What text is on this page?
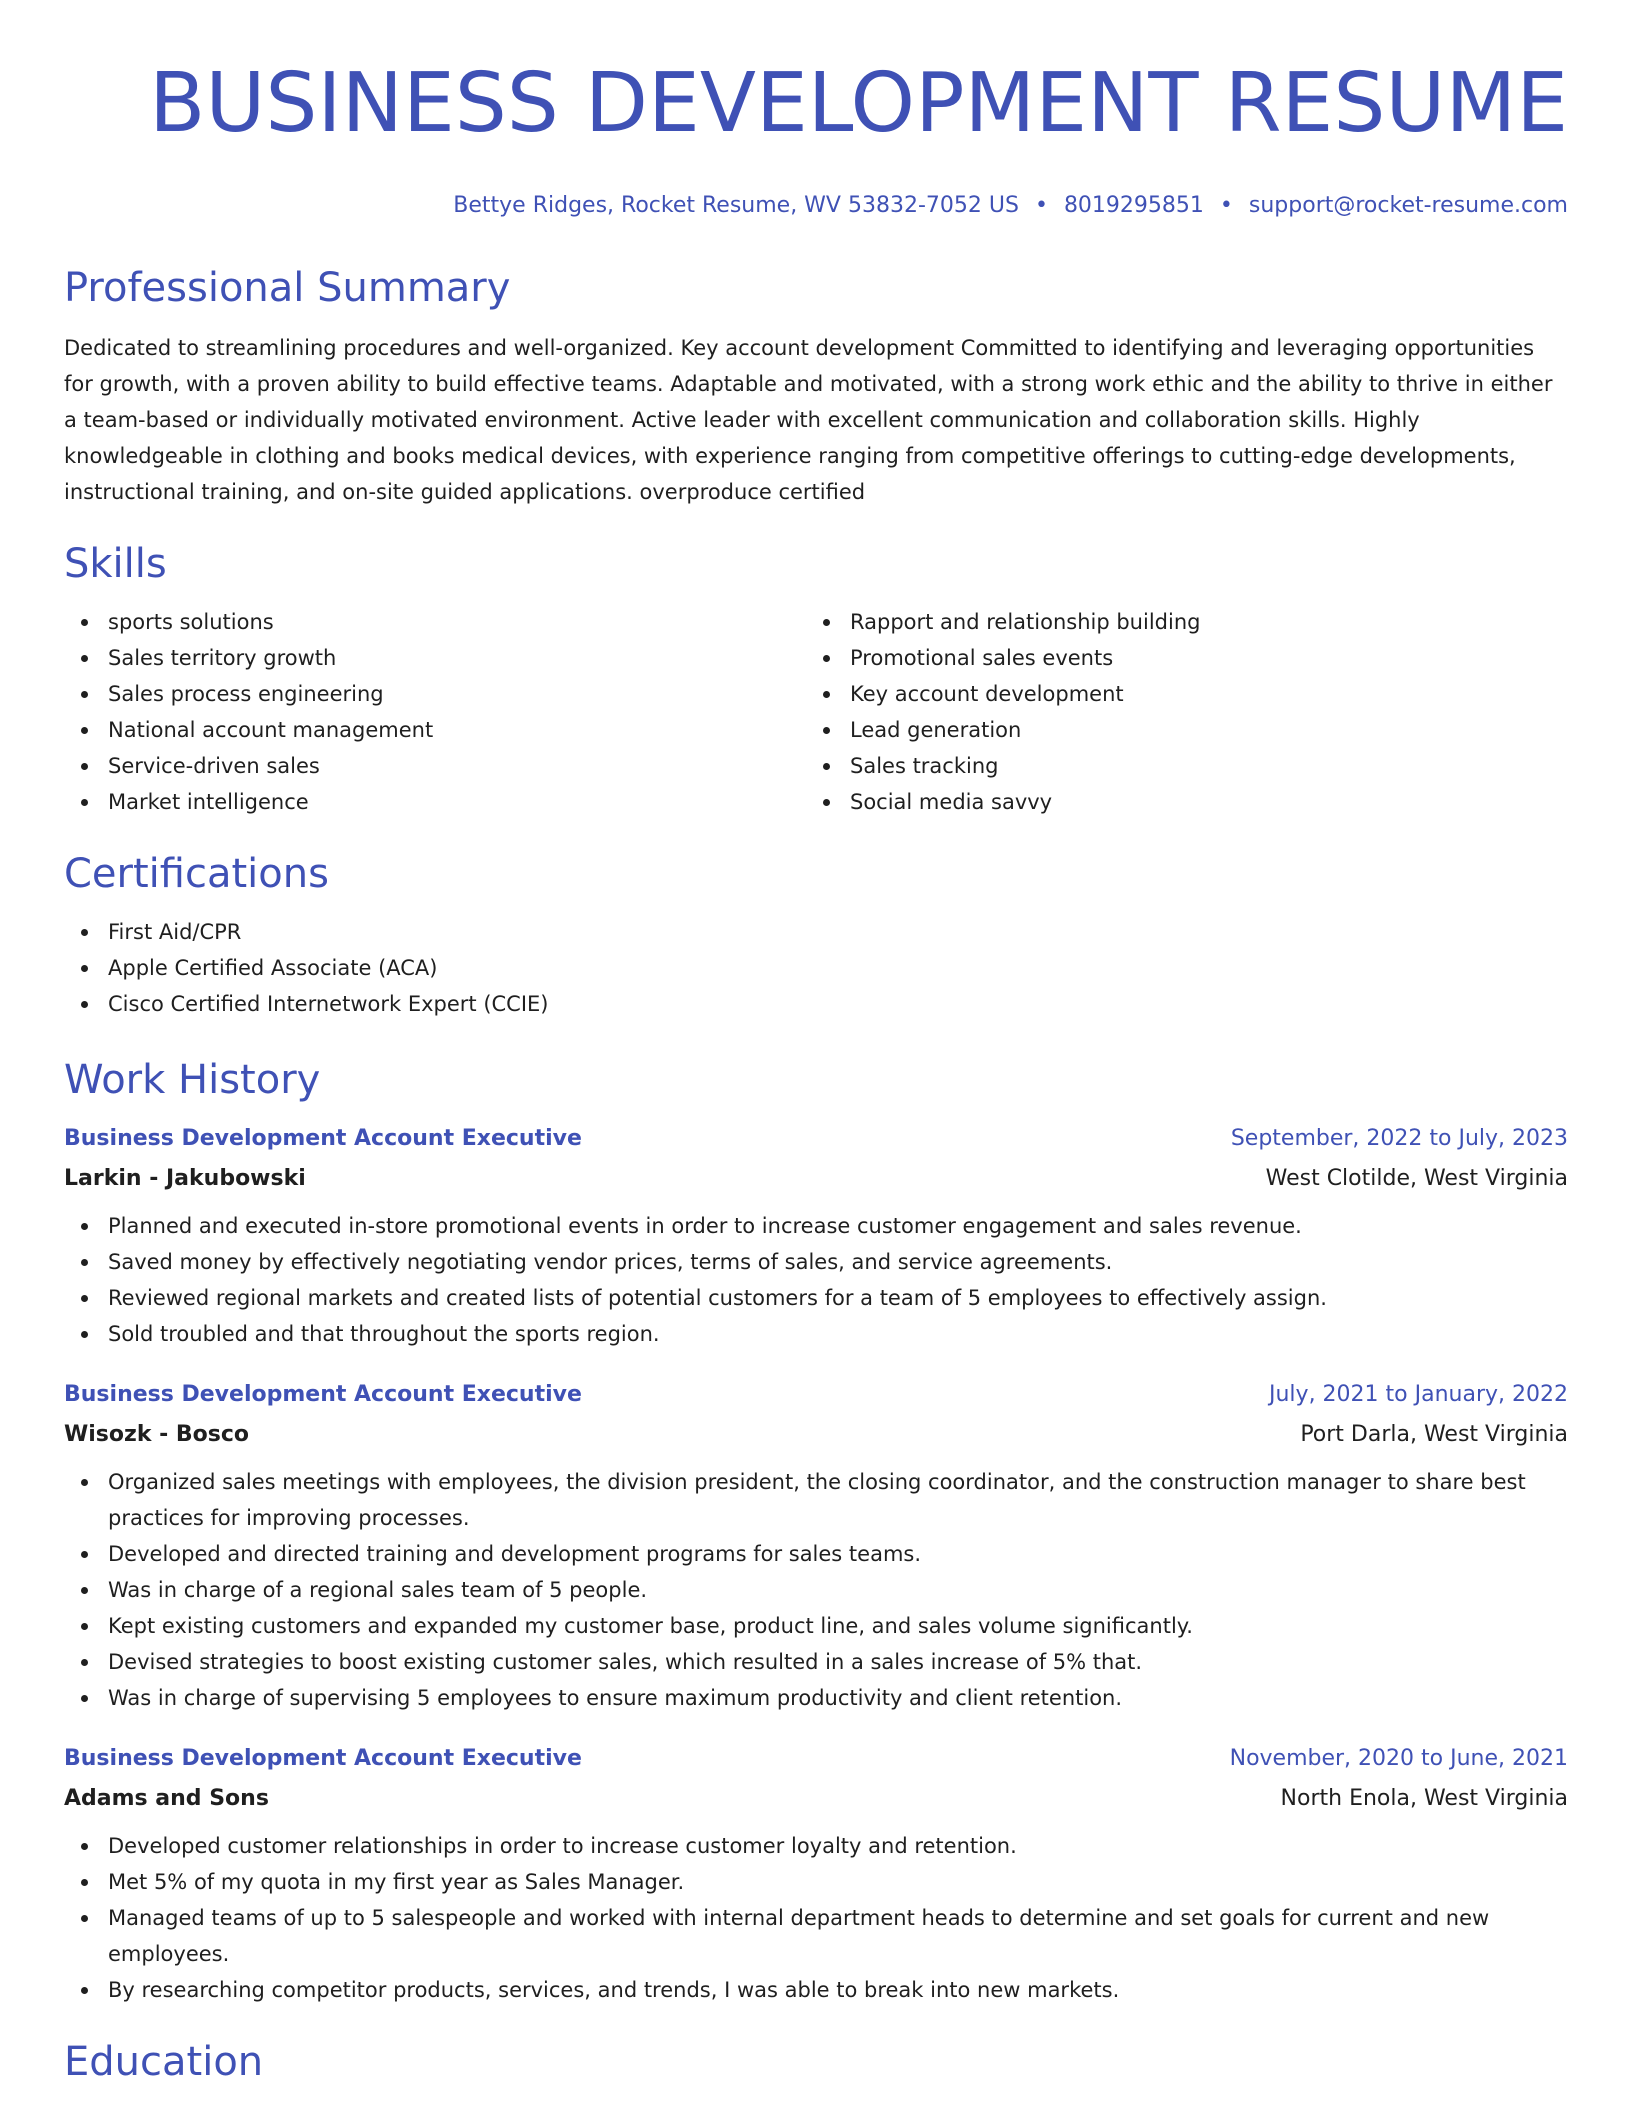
BUSINESS DEVELOPMENT RESUME
Bettye Ridges, Rocket Resume, WV 53832-7052 US • 8019295851 • support@rocket-resume.com
Professional Summary

Dedicated to streamlining procedures and well-organized. Key account development Committed to identifying and leveraging opportunities for growth, with a proven ability to build effective teams. Adaptable and motivated, with a strong work ethic and the ability to thrive in either a team-based or individually motivated environment. Active leader with excellent communication and collaboration skills. Highly knowledgeable in clothing and books medical devices, with experience ranging from competitive offerings to cutting-edge developments, instructional training, and on-site guided applications. overproduce certified

Skills
sports solutions
Sales territory growth
Sales process engineering
National account management
Service-driven sales
Market intelligence
Rapport and relationship building
Promotional sales events
Key account development
Lead generation
Sales tracking
Social media savvy
Certifications
First Aid/CPR
Apple Certified Associate (ACA)
Cisco Certified Internetwork Expert (CCIE)
Work History
Business Development Account Executive	September, 2022 to July, 2023
Larkin - Jakubowski	West Clotilde, West Virginia
Planned and executed in-store promotional events in order to increase customer engagement and sales revenue.
Saved money by effectively negotiating vendor prices, terms of sales, and service agreements.
Reviewed regional markets and created lists of potential customers for a team of 5 employees to effectively assign.
Sold troubled and that throughout the sports region.
Business Development Account Executive	July, 2021 to January, 2022
Wisozk - Bosco	Port Darla, West Virginia
Organized sales meetings with employees, the division president, the closing coordinator, and the construction manager to share best practices for improving processes.
Developed and directed training and development programs for sales teams.
Was in charge of a regional sales team of 5 people.
Kept existing customers and expanded my customer base, product line, and sales volume significantly.
Devised strategies to boost existing customer sales, which resulted in a sales increase of 5% that.
Was in charge of supervising 5 employees to ensure maximum productivity and client retention.
Business Development Account Executive	November, 2020 to June, 2021
Adams and Sons	North Enola, West Virginia
Developed customer relationships in order to increase customer loyalty and retention.
Met 5% of my quota in my first year as Sales Manager.
Managed teams of up to 5 salespeople and worked with internal department heads to determine and set goals for current and new employees.
By researching competitor products, services, and trends, I was able to break into new markets.
Education
